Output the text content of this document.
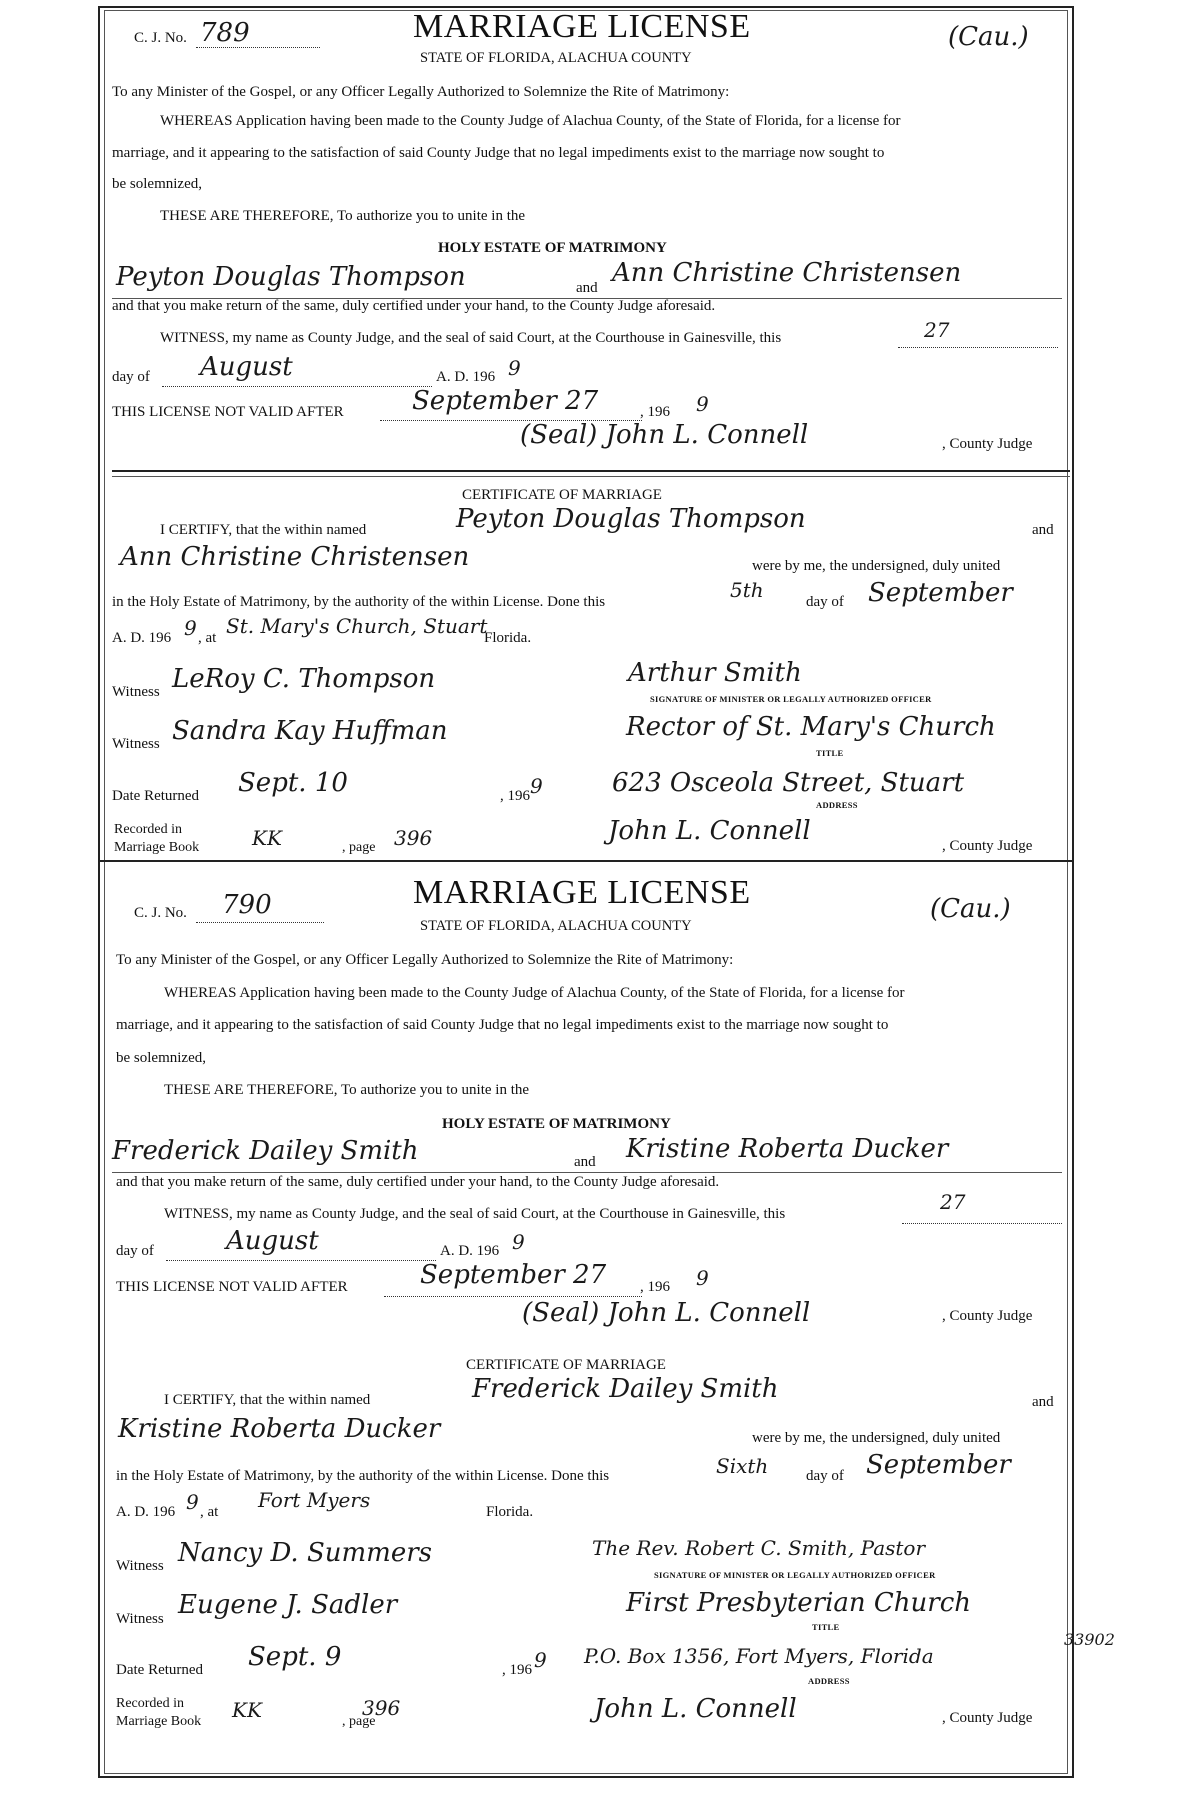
C. J. No. 789	MARRIAGE LICENSE
STATE OF FLORIDA, ALACHUA COUNTY
(Cau.)
To any Minister of the Gospel, or any Officer Legally Authorized to Solemnize the Rite of Matrimony:
WHEREAS Application having been made to the County Judge of Alachua County, of the State of Florida, for a license for
marriage, and it appearing to the satisfaction of said County Judge that no legal impediments exist to the marriage now sought to
be solemnized,
THESE ARE THEREFORE, To authorize you to unite in the
HOLY ESTATE OF MATRIMONY
Peyton Douglas Thompson	and Ann Christine Christensen
and that you make return of the same, duly certified under your hand, to the County Judge aforesaid.
WITNESS, my name as County Judge, and the seal of said Court, at the Courthouse in Gainesville, this	27
day of August	A. D. 196 9
THIS LICENSE NOT VALID AFTER	September 27	, 196 9
(Seal) John L. Connell	, County Judge
CERTIFICATE OF MARRIAGE
I CERTIFY, that the within named	Peyton Douglas Thompson	and
Ann Christine Christensen	were by me, the undersigned, duly united
in the Holy Estate of Matrimony, by the authority of the within License. Done this	5th	day of September
A. D. 196 9 , at St. Mary's Church, Stuart
Florida.
Witness LeRoy C. Thompson	Arthur Smith
SIGNATURE OF MINISTER OR LEGALLY AUTHORIZED OFFICER
Witness Sandra Kay Huffman	Rector of St. Mary's Church
TITLE
Date Returned Sept. 10	, 196 9	623 Osceola Street, Stuart
ADDRESS
Recorded in
Marriage Book	KK	, page 396	John L. Connell	, County Judge
C. J. No. 790	MARRIAGE LICENSE
STATE OF FLORIDA, ALACHUA COUNTY
(Cau.)
To any Minister of the Gospel, or any Officer Legally Authorized to Solemnize the Rite of Matrimony:
WHEREAS Application having been made to the County Judge of Alachua County, of the State of Florida, for a license for
marriage, and it appearing to the satisfaction of said County Judge that no legal impediments exist to the marriage now sought to
be solemnized,
THESE ARE THEREFORE, To authorize you to unite in the
HOLY ESTATE OF MATRIMONY
Frederick Dailey Smith	and Kristine Roberta Ducker
and that you make return of the same, duly certified under your hand, to the County Judge aforesaid.
WITNESS, my name as County Judge, and the seal of said Court, at the Courthouse in Gainesville, this	27
day of	August	A. D. 196 9
THIS LICENSE NOT VALID AFTER	September 27 , 196 9
(Seal) John L. Connell	, County Judge
CERTIFICATE OF MARRIAGE
I CERTIFY, that the within named	Frederick Dailey Smith	and
Kristine Roberta Ducker	were by me, the undersigned, duly united
in the Holy Estate of Matrimony, by the authority of the within License. Done this	Sixth	day of September
A. D. 196 9 , at Fort Myers	Florida.
Witness Nancy D. Summers	The Rev. Robert C. Smith, Pastor
SIGNATURE OF MINISTER OR LEGALLY AUTHORIZED OFFICER
Witness Eugene J. Sadler	First Presbyterian Church
TITLE
Date Returned Sept. 9	, 196 9 P.O. Box 1356, Fort Myers, Florida
33902
ADDRESS
Recorded in
Marriage Book KK	, page
396	John L. Connell	, County Judge
